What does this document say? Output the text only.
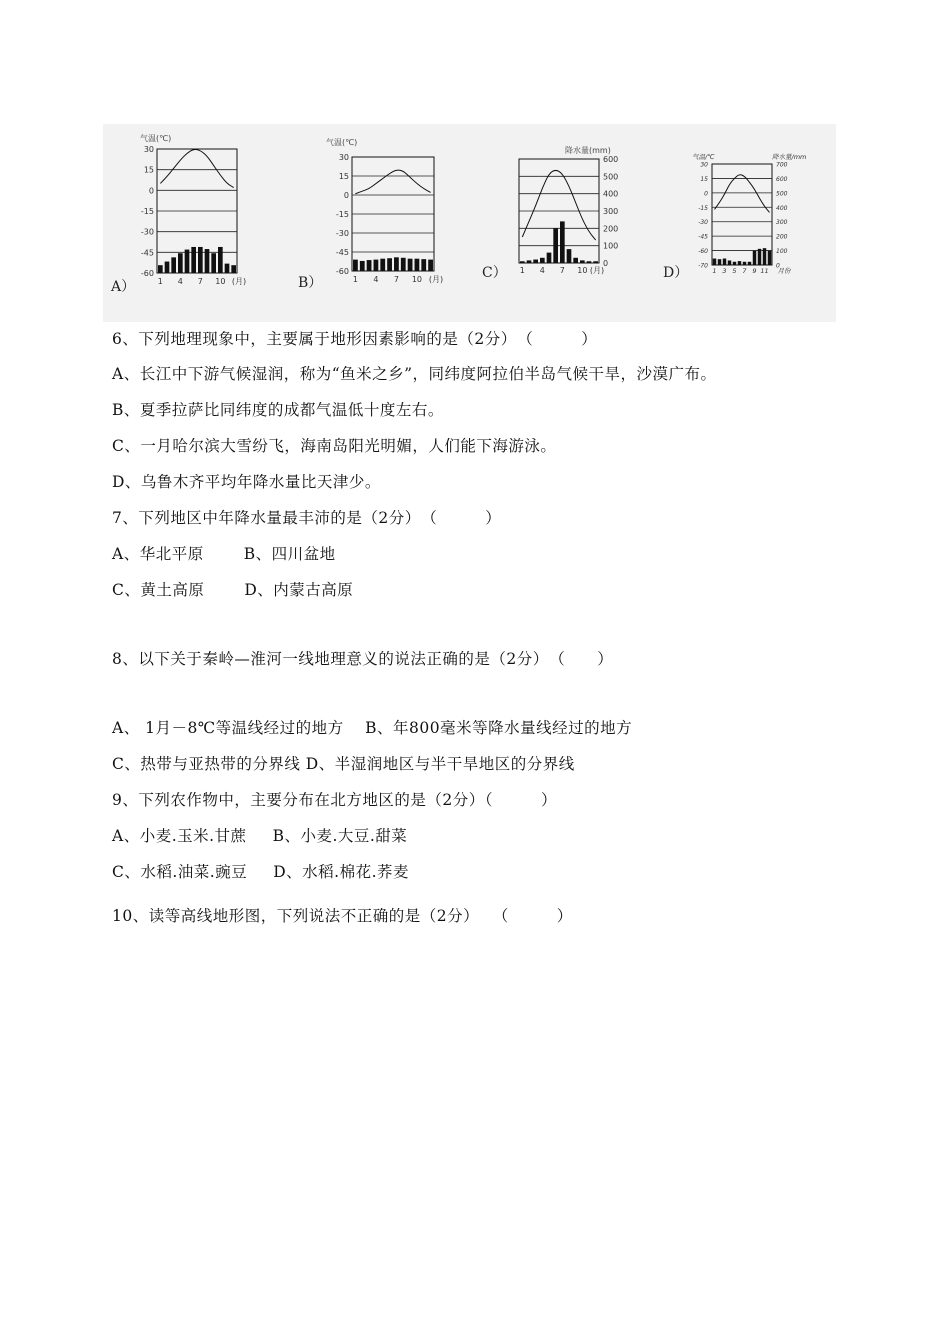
A）
气温(℃)
30
15
0
-15
-30
-45
-60
1 4 7 10 (月)	B）
气温(℃)
30
15
0
-15
-30
-45
-60
1 4 7 10 (月)	C）
降水量(mm)
600
500
400
300
200
100
0
1 4 7 10 (月)	D）
气温/℃	降水量/mm
30
15
0
-15
-30
-45
-60
-70
700
600
500
400
300
200
100
0
1 3 5 7 9 11 月份
6、下列地理现象中，主要属于地形因素影响的是（2分）　（　　　）
A、长江中下游气候湿润，称为“鱼米之乡”，同纬度阿拉伯半岛气候干旱，沙漠广布。
B、夏季拉萨比同纬度的成都气温低十度左右。
C、一月哈尔滨大雪纷飞，海南岛阳光明媚，人们能下海游泳。
D、乌鲁木齐平均年降水量比天津少。
7、下列地区中年降水量最丰沛的是（2分）　（　　　）
A、华北平原	B、四川盆地
C、黄土高原	D、内蒙古高原
8、以下关于秦岭—淮河一线地理意义的说法正确的是（2分）　（　　）
A、 1月－8℃等温线经过的地方　 B、年800毫米等降水量线经过的地方
C、热带与亚热带的分界线 D、半湿润地区与半干旱地区的分界线
9、下列农作物中，主要分布在北方地区的是（2分）（　　　）
A、小麦.玉米.甘蔗 B、小麦.大豆.甜菜
C、水稻.油菜.豌豆 D、水稻.棉花.荞麦
10、读等高线地形图，下列说法不正确的是（2分）　 （　　　）
